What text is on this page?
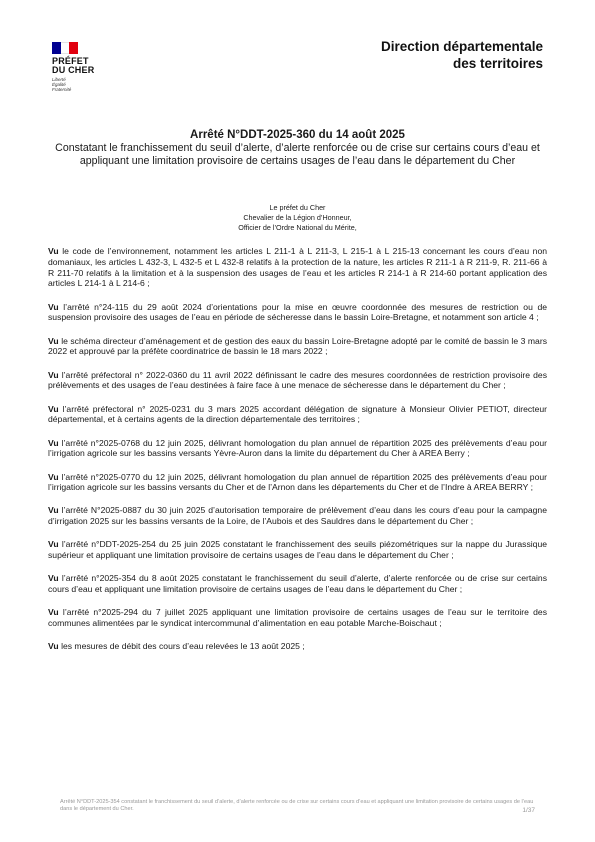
PRÉFET
DU CHER
Liberté
Égalité
Fraternité
Direction départementale
des territoires
Arrêté N°DDT-2025-360 du 14 août 2025
Constatant le franchissement du seuil d’alerte, d’alerte renforcée ou de crise sur certains cours d’eau et appliquant une limitation provisoire de certains usages de l’eau dans le département du Cher
Le préfet du Cher
Chevalier de la Légion d’Honneur,
Officier de l’Ordre National du Mérite,

Vu le code de l’environnement, notamment les articles L 211-1 à L 211-3, L 215-1 à L 215-13 concernant les cours d’eau non domaniaux, les articles L 432-3, L 432-5 et L 432-8 relatifs à la protection de la nature, les articles R 211-1 à R 211-9, R. 211-66 à R 211-70 relatifs à la limitation et à la suspension des usages de l’eau et les articles R 214-1 à R 214-60 portant application des articles L 214-1 à L 214-6 ;

Vu l’arrêté n°24-115 du 29 août 2024 d’orientations pour la mise en œuvre coordonnée des mesures de restriction ou de suspension provisoire des usages de l’eau en période de sécheresse dans le bassin Loire-Bretagne, et notamment son article 4 ;

Vu le schéma directeur d’aménagement et de gestion des eaux du bassin Loire-Bretagne adopté par le comité de bassin le 3 mars 2022 et approuvé par la préfète coordinatrice de bassin le 18 mars 2022 ;

Vu l’arrêté préfectoral n° 2022-0360 du 11 avril 2022 définissant le cadre des mesures coordonnées de restriction provisoire des prélèvements et des usages de l’eau destinées à faire face à une menace de sécheresse dans le département du Cher ;

Vu l’arrêté préfectoral n° 2025-0231 du 3 mars 2025 accordant délégation de signature à Monsieur Olivier PETIOT, directeur départemental, et à certains agents de la direction départementale des territoires ;

Vu l’arrêté n°2025-0768 du 12 juin 2025, délivrant homologation du plan annuel de répartition 2025 des prélèvements d’eau pour l’irrigation agricole sur les bassins versants Yèvre-Auron dans la limite du département du Cher à AREA Berry ;

Vu l’arrêté n°2025-0770 du 12 juin 2025, délivrant homologation du plan annuel de répartition 2025 des prélèvements d’eau pour l’irrigation agricole sur les bassins versants du Cher et de l’Arnon dans les départements du Cher et de l’Indre à AREA BERRY ;

Vu l’arrêté N°2025-0887 du 30 juin 2025 d’autorisation temporaire de prélèvement d’eau dans les cours d’eau pour la campagne d’irrigation 2025 sur les bassins versants de la Loire, de l’Aubois et des Sauldres dans le département du Cher ;

Vu l’arrêté n°DDT-2025-254 du 25 juin 2025 constatant le franchissement des seuils piézométriques sur la nappe du Jurassique supérieur et appliquant une limitation provisoire de certains usages de l’eau dans le département du Cher ;

Vu l’arrêté n°2025-354 du 8 août 2025 constatant le franchissement du seuil d’alerte, d’alerte renforcée ou de crise sur certains cours d’eau et appliquant une limitation provisoire de certains usages de l’eau dans le département du Cher ;

Vu l’arrêté n°2025-294 du 7 juillet 2025 appliquant une limitation provisoire de certains usages de l’eau sur le territoire des communes alimentées par le syndicat intercommunal d’alimentation en eau potable Marche-Boischaut ;

Vu les mesures de débit des cours d’eau relevées le 13 août 2025 ;

Arrêté N°DDT-2025-354 constatant le franchissement du seuil d’alerte, d’alerte renforcée ou de crise sur certains cours d’eau et appliquant une limitation provisoire de certains usages de l’eau dans le département du Cher.	1/37
